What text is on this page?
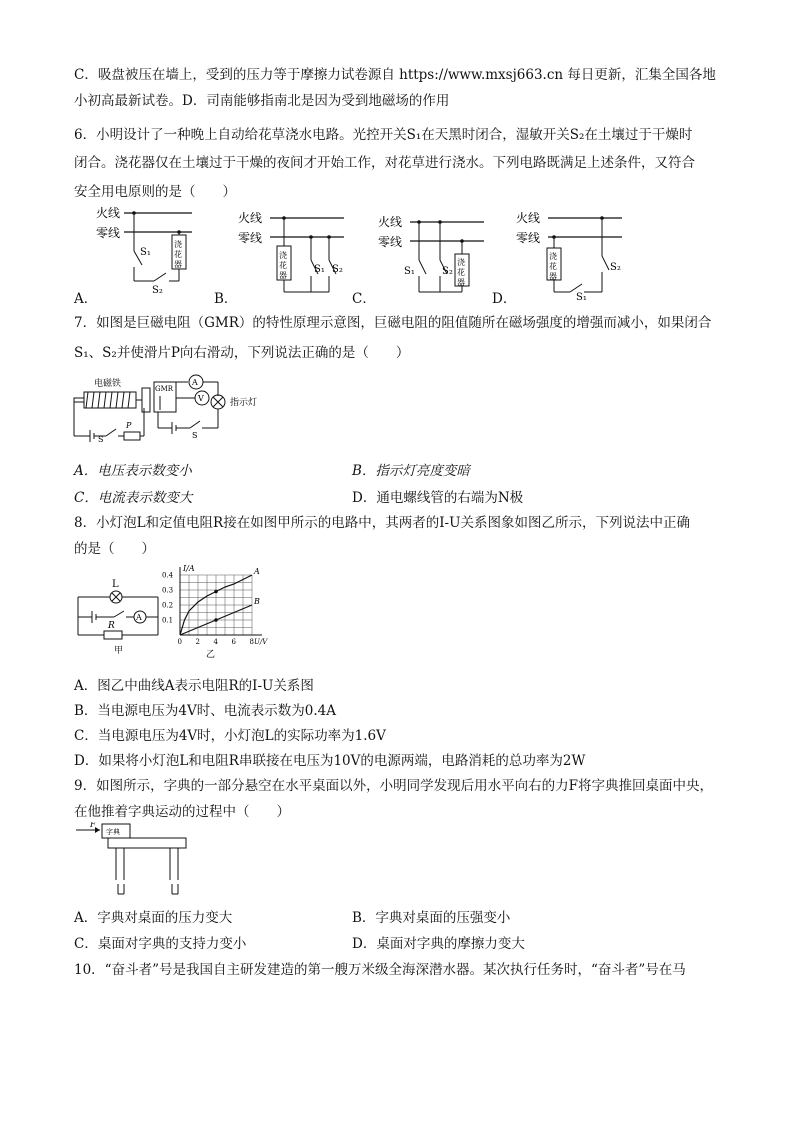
C．吸盘被压在墙上，受到的压力等于摩擦力试卷源自 https://www.mxsj663.cn 每日更新，汇集全国各地
小初高最新试卷。D．司南能够指南北是因为受到地磁场的作用
6．小明设计了一种晚上自动给花草浇水电路。光控开关S₁在天黑时闭合，湿敏开关S₂在土壤过于干燥时
闭合。浇花器仅在土壤过于干燥的夜间才开始工作，对花草进行浇水。下列电路既满足上述条件，又符合
安全用电原则的是（　　）
火线
零线
S₁
S₂
浇
花
器
火线
零线
浇
花
器
S₁ S₂
火线
零线
S₁	S₂
浇
花
器
火线
零线
浇
花
器
S₂
S₁
A．	B．	C．	D．
7．如图是巨磁电阻（GMR）的特性原理示意图，巨磁电阻的阻值随所在磁场强度的增强而减小，如果闭合
S₁、S₂并使滑片P向右滑动，下列说法正确的是（　　）
电磁铁
S
P
GMR
V
A
指示灯
S
A．电压表示数变小	B．指示灯亮度变暗
C．电流表示数变大	D．通电螺线管的右端为N极
8．小灯泡L和定值电阻R接在如图甲所示的电路中，其两者的I-U关系图象如图乙所示，下列说法中正确
的是（　　）
L
A
R
甲
A
B
0 2 4 6 8
0.1
0.2
0.3
0.4
I/A
U/V
乙
A．图乙中曲线A表示电阻R的I-U关系图
B．当电源电压为4V时、电流表示数为0.4A
C．当电源电压为4V时，小灯泡L的实际功率为1.6V
D．如果将小灯泡L和电阻R串联接在电压为10V的电源两端，电路消耗的总功率为2W
9．如图所示，字典的一部分悬空在水平桌面以外，小明同学发现后用水平向右的力F将字典推回桌面中央，
在他推着字典运动的过程中（　　）
F
字典
A．字典对桌面的压力变大	B．字典对桌面的压强变小
C．桌面对字典的支持力变小	D．桌面对字典的摩擦力变大
10．“奋斗者”号是我国自主研发建造的第一艘万米级全海深潜水器。某次执行任务时，“奋斗者”号在马
